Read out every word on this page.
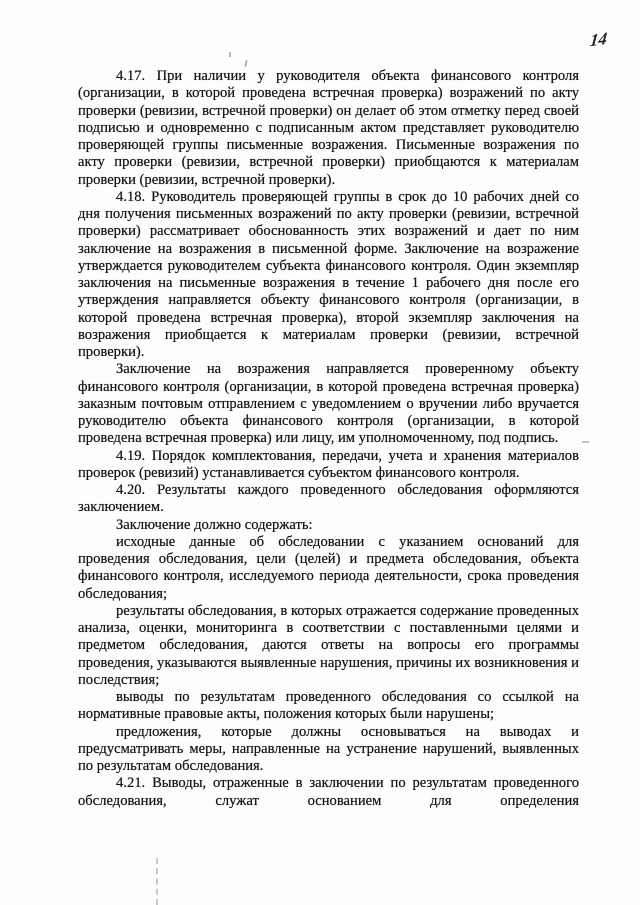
14

4.17. При наличии у руководителя объекта финансового контроля (организации, в которой проведена встречная проверка) возражений по акту проверки (ревизии, встречной проверки) он делает об этом отметку перед своей подписью и одновременно с подписанным актом представляет руководителю проверяющей группы письменные возражения. Письменные возражения по акту проверки (ревизии, встречной проверки) приобщаются к материалам проверки (ревизии, встречной проверки).

4.18. Руководитель проверяющей группы в срок до 10 рабочих дней со дня получения письменных возражений по акту проверки (ревизии, встречной проверки) рассматривает обоснованность этих возражений и дает по ним заключение на возражения в письменной форме. Заключение на возражение утверждается руководителем субъекта финансового контроля. Один экземпляр заключения на письменные возражения в течение 1 рабочего дня после его утверждения направляется объекту финансового контроля (организации, в которой проведена встречная проверка), второй экземпляр заключения на возражения приобщается к материалам проверки (ревизии, встречной проверки).

Заключение на возражения направляется проверенному объекту финансового контроля (организации, в которой проведена встречная проверка) заказным почтовым отправлением с уведомлением о вручении либо вручается руководителю объекта финансового контроля (организации, в которой проведена встречная проверка) или лицу, им уполномоченному, под подпись.

4.19. Порядок комплектования, передачи, учета и хранения материалов проверок (ревизий) устанавливается субъектом финансового контроля.

4.20. Результаты каждого проведенного обследования оформляются заключением.

Заключение должно содержать:

исходные данные об обследовании с указанием оснований для проведения обследования, цели (целей) и предмета обследования, объекта финансового контроля, исследуемого периода деятельности, срока проведения обследования;

результаты обследования, в которых отражается содержание проведенных анализа, оценки, мониторинга в соответствии с поставленными целями и предметом обследования, даются ответы на вопросы его программы проведения, указываются выявленные нарушения, причины их возникновения и последствия;

выводы по результатам проведенного обследования со ссылкой на нормативные правовые акты, положения которых были нарушены;

предложения, которые должны основываться на выводах и предусматривать меры, направленные на устранение нарушений, выявленных по результатам обследования.

4.21. Выводы, отраженные в заключении по результатам проведенного обследования, служат основанием для определения
